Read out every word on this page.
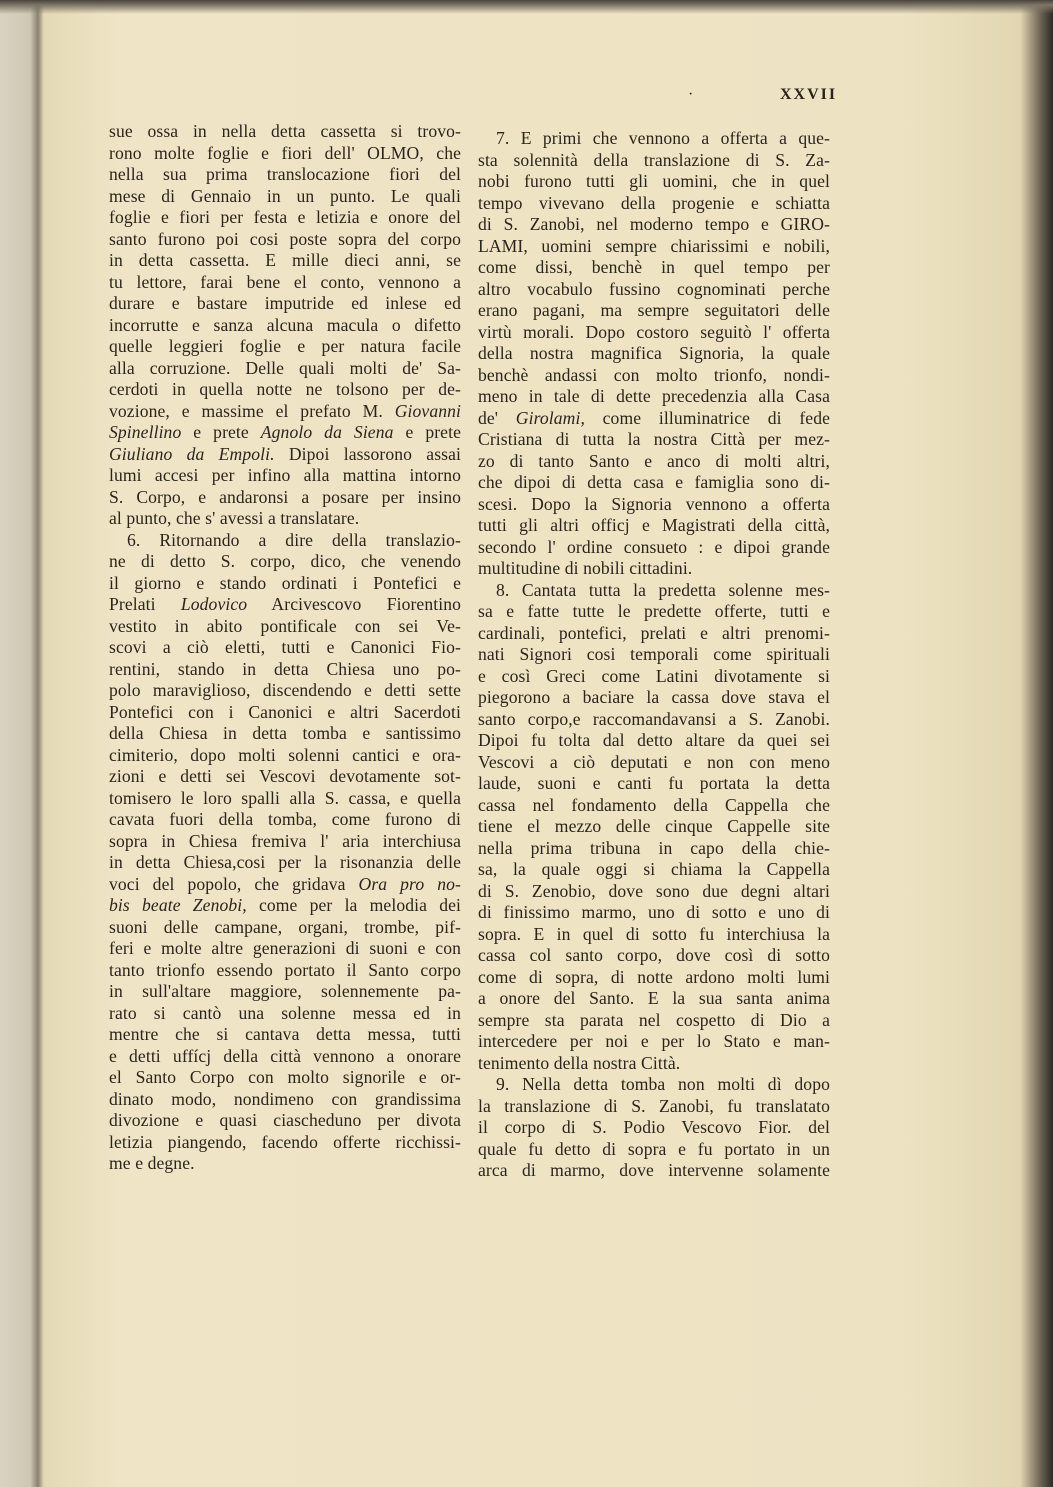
·	XXVII
sue ossa in nella detta cassetta si trovo-
rono molte foglie e fiori dell' OLMO, che
nella sua prima translocazione fiori del
mese di Gennaio in un punto. Le quali
foglie e fiori per festa e letizia e onore del
santo furono poi cosi poste sopra del corpo
in detta cassetta. E mille dieci anni, se
tu lettore, farai bene el conto, vennono a
durare e bastare imputride ed inlese ed
incorrutte e sanza alcuna macula o difetto
quelle leggieri foglie e per natura facile
alla corruzione. Delle quali molti de' Sa-
cerdoti in quella notte ne tolsono per de-
vozione, e massime el prefato M. Giovanni
Spinellino e prete Agnolo da Siena e prete
Giuliano da Empoli. Dipoi lassorono assai
lumi accesi per infino alla mattina intorno
S. Corpo, e andaronsi a posare per insino
al punto, che s' avessi a translatare.
6. Ritornando a dire della translazio-
ne di detto S. corpo, dico, che venendo
il giorno e stando ordinati i Pontefici e
Prelati Lodovico Arcivescovo Fiorentino
vestito in abito pontificale con sei Ve-
scovi a ciò eletti, tutti e Canonici Fio-
rentini, stando in detta Chiesa uno po-
polo maraviglioso, discendendo e detti sette
Pontefici con i Canonici e altri Sacerdoti
della Chiesa in detta tomba e santissimo
cimiterio, dopo molti solenni cantici e ora-
zioni e detti sei Vescovi devotamente sot-
tomisero le loro spalli alla S. cassa, e quella
cavata fuori della tomba, come furono di
sopra in Chiesa fremiva l' aria interchiusa
in detta Chiesa,cosi per la risonanzia delle
voci del popolo, che gridava Ora pro no-
bis beate Zenobi, come per la melodia dei
suoni delle campane, organi, trombe, pif-
feri e molte altre generazioni di suoni e con
tanto trionfo essendo portato il Santo corpo
in sull'altare maggiore, solennemente pa-
rato si cantò una solenne messa ed in
mentre che si cantava detta messa, tutti
e detti uffícj della città vennono a onorare
el Santo Corpo con molto signorile e or-
dinato modo, nondimeno con grandissima
divozione e quasi ciascheduno per divota
letizia piangendo, facendo offerte ricchissi-
me e degne.
7. E primi che vennono a offerta a que-
sta solennità della translazione di S. Za-
nobi furono tutti gli uomini, che in quel
tempo vivevano della progenie e schiatta
di S. Zanobi, nel moderno tempo e GIRO-
LAMI, uomini sempre chiarissimi e nobili,
come dissi, benchè in quel tempo per
altro vocabulo fussino cognominati perche
erano pagani, ma sempre seguitatori delle
virtù morali. Dopo costoro seguitò l' offerta
della nostra magnifica Signoria, la quale
benchè andassi con molto trionfo, nondi-
meno in tale di dette precedenzia alla Casa
de' Girolami, come illuminatrice di fede
Cristiana di tutta la nostra Città per mez-
zo di tanto Santo e anco di molti altri,
che dipoi di detta casa e famiglia sono di-
scesi. Dopo la Signoria vennono a offerta
tutti gli altri officj e Magistrati della città,
secondo l' ordine consueto : e dipoi grande
multitudine di nobili cittadini.
8. Cantata tutta la predetta solenne mes-
sa e fatte tutte le predette offerte, tutti e
cardinali, pontefici, prelati e altri prenomi-
nati Signori cosi temporali come spirituali
e così Greci come Latini divotamente si
piegorono a baciare la cassa dove stava el
santo corpo,e raccomandavansi a S. Zanobi.
Dipoi fu tolta dal detto altare da quei sei
Vescovi a ciò deputati e non con meno
laude, suoni e canti fu portata la detta
cassa nel fondamento della Cappella che
tiene el mezzo delle cinque Cappelle site
nella prima tribuna in capo della chie-
sa, la quale oggi si chiama la Cappella
di S. Zenobio, dove sono due degni altari
di finissimo marmo, uno di sotto e uno di
sopra. E in quel di sotto fu interchiusa la
cassa col santo corpo, dove così di sotto
come di sopra, di notte ardono molti lumi
a onore del Santo. E la sua santa anima
sempre sta parata nel cospetto di Dio a
intercedere per noi e per lo Stato e man-
tenimento della nostra Città.
9. Nella detta tomba non molti dì dopo
la translazione di S. Zanobi, fu translatato
il corpo di S. Podio Vescovo Fior. del
quale fu detto di sopra e fu portato in un
arca di marmo, dove intervenne solamente
